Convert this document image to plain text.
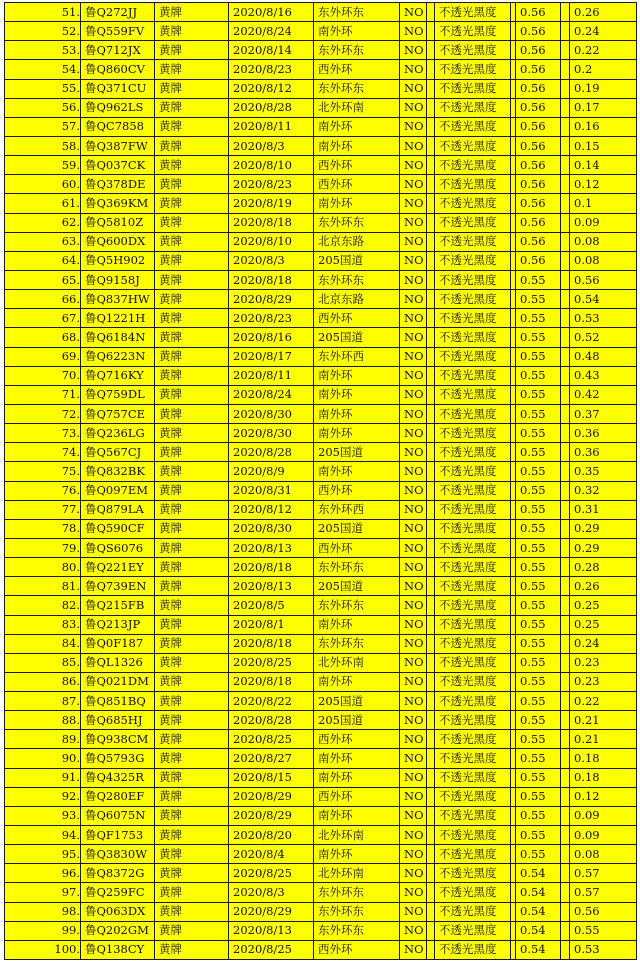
51.	鲁Q272JJ	黄牌	2020/8/16	东外环东	NO		不透光黑度		0.56		0.26
52.	鲁Q559FV	黄牌	2020/8/24	南外环	NO		不透光黑度		0.56		0.24
53.	鲁Q712JX	黄牌	2020/8/14	东外环东	NO		不透光黑度		0.56		0.22
54.	鲁Q860CV	黄牌	2020/8/23	西外环	NO		不透光黑度		0.56		0.2
55.	鲁Q371CU	黄牌	2020/8/12	东外环东	NO		不透光黑度		0.56		0.19
56.	鲁Q962LS	黄牌	2020/8/28	北外环南	NO		不透光黑度		0.56		0.17
57.	鲁QC7858	黄牌	2020/8/11	南外环	NO		不透光黑度		0.56		0.16
58.	鲁Q387FW	黄牌	2020/8/3	南外环	NO		不透光黑度		0.56		0.15
59.	鲁Q037CK	黄牌	2020/8/10	西外环	NO		不透光黑度		0.56		0.14
60.	鲁Q378DE	黄牌	2020/8/23	西外环	NO		不透光黑度		0.56		0.12
61.	鲁Q369KM	黄牌	2020/8/19	南外环	NO		不透光黑度		0.56		0.1
62.	鲁Q5810Z	黄牌	2020/8/18	东外环东	NO		不透光黑度		0.56		0.09
63.	鲁Q600DX	黄牌	2020/8/10	北京东路	NO		不透光黑度		0.56		0.08
64.	鲁Q5H902	黄牌	2020/8/3	205国道	NO		不透光黑度		0.56		0.08
65.	鲁Q9158J	黄牌	2020/8/18	东外环东	NO		不透光黑度		0.55		0.56
66.	鲁Q837HW	黄牌	2020/8/29	北京东路	NO		不透光黑度		0.55		0.54
67.	鲁Q1221H	黄牌	2020/8/23	西外环	NO		不透光黑度		0.55		0.53
68.	鲁Q6184N	黄牌	2020/8/16	205国道	NO		不透光黑度		0.55		0.52
69.	鲁Q6223N	黄牌	2020/8/17	东外环西	NO		不透光黑度		0.55		0.48
70.	鲁Q716KY	黄牌	2020/8/11	南外环	NO		不透光黑度		0.55		0.43
71.	鲁Q759DL	黄牌	2020/8/24	南外环	NO		不透光黑度		0.55		0.42
72.	鲁Q757CE	黄牌	2020/8/30	南外环	NO		不透光黑度		0.55		0.37
73.	鲁Q236LG	黄牌	2020/8/30	南外环	NO		不透光黑度		0.55		0.36
74.	鲁Q567CJ	黄牌	2020/8/28	205国道	NO		不透光黑度		0.55		0.36
75.	鲁Q832BK	黄牌	2020/8/9	南外环	NO		不透光黑度		0.55		0.35
76.	鲁Q097EM	黄牌	2020/8/31	西外环	NO		不透光黑度		0.55		0.32
77.	鲁Q879LA	黄牌	2020/8/12	东外环西	NO		不透光黑度		0.55		0.31
78.	鲁Q590CF	黄牌	2020/8/30	205国道	NO		不透光黑度		0.55		0.29
79.	鲁QS6076	黄牌	2020/8/13	西外环	NO		不透光黑度		0.55		0.29
80.	鲁Q221EY	黄牌	2020/8/18	东外环东	NO		不透光黑度		0.55		0.28
81.	鲁Q739EN	黄牌	2020/8/13	205国道	NO		不透光黑度		0.55		0.26
82.	鲁Q215FB	黄牌	2020/8/5	东外环东	NO		不透光黑度		0.55		0.25
83.	鲁Q213JP	黄牌	2020/8/1	南外环	NO		不透光黑度		0.55		0.25
84.	鲁Q0F187	黄牌	2020/8/18	东外环东	NO		不透光黑度		0.55		0.24
85.	鲁QL1326	黄牌	2020/8/25	北外环南	NO		不透光黑度		0.55		0.23
86.	鲁Q021DM	黄牌	2020/8/18	南外环	NO		不透光黑度		0.55		0.23
87.	鲁Q851BQ	黄牌	2020/8/22	205国道	NO		不透光黑度		0.55		0.22
88.	鲁Q685HJ	黄牌	2020/8/28	205国道	NO		不透光黑度		0.55		0.21
89.	鲁Q938CM	黄牌	2020/8/25	西外环	NO		不透光黑度		0.55		0.21
90.	鲁Q5793G	黄牌	2020/8/27	南外环	NO		不透光黑度		0.55		0.18
91.	鲁Q4325R	黄牌	2020/8/15	南外环	NO		不透光黑度		0.55		0.18
92.	鲁Q280EF	黄牌	2020/8/29	西外环	NO		不透光黑度		0.55		0.12
93.	鲁Q6075N	黄牌	2020/8/29	南外环	NO		不透光黑度		0.55		0.09
94.	鲁QF1753	黄牌	2020/8/20	北外环南	NO		不透光黑度		0.55		0.09
95.	鲁Q3830W	黄牌	2020/8/4	南外环	NO		不透光黑度		0.55		0.08
96.	鲁Q8372G	黄牌	2020/8/25	北外环南	NO		不透光黑度		0.54		0.57
97.	鲁Q259FC	黄牌	2020/8/3	东外环东	NO		不透光黑度		0.54		0.57
98.	鲁Q063DX	黄牌	2020/8/29	东外环东	NO		不透光黑度		0.54		0.56
99.	鲁Q202GM	黄牌	2020/8/13	东外环东	NO		不透光黑度		0.54		0.55
100.	鲁Q138CY	黄牌	2020/8/25	西外环	NO		不透光黑度		0.54		0.53
